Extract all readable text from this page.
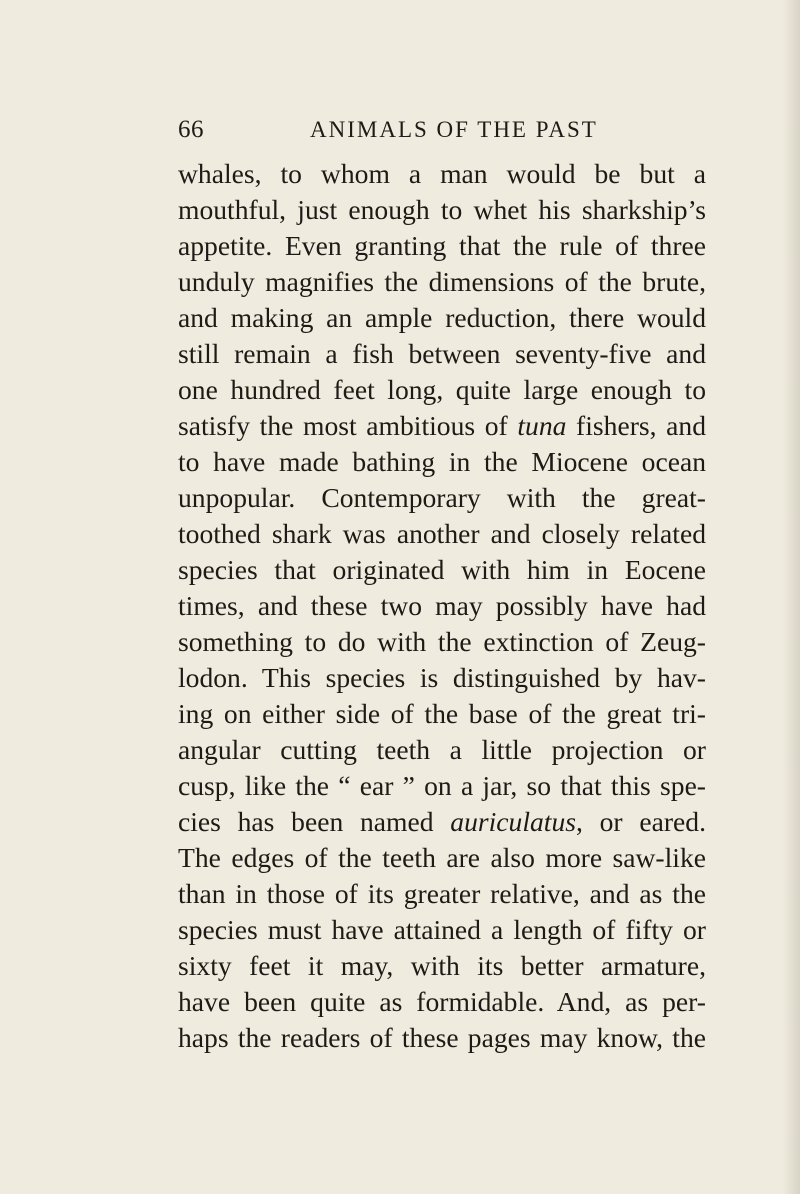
66	ANIMALS OF THE PAST
whales, to whom a man would be but a
mouthful, just enough to whet his sharkship’s
appetite. Even granting that the rule of three
unduly magnifies the dimensions of the brute,
and making an ample reduction, there would
still remain a fish between seventy-five and
one hundred feet long, quite large enough to
satisfy the most ambitious of tuna fishers, and
to have made bathing in the Miocene ocean
unpopular. Contemporary with the great-
toothed shark was another and closely related
species that originated with him in Eocene
times, and these two may possibly have had
something to do with the extinction of Zeug-
lodon. This species is distinguished by hav-
ing on either side of the base of the great tri-
angular cutting teeth a little projection or
cusp, like the “ ear ” on a jar, so that this spe-
cies has been named auriculatus, or eared.
The edges of the teeth are also more saw-like
than in those of its greater relative, and as the
species must have attained a length of fifty or
sixty feet it may, with its better armature,
have been quite as formidable. And, as per-
haps the readers of these pages may know, the
